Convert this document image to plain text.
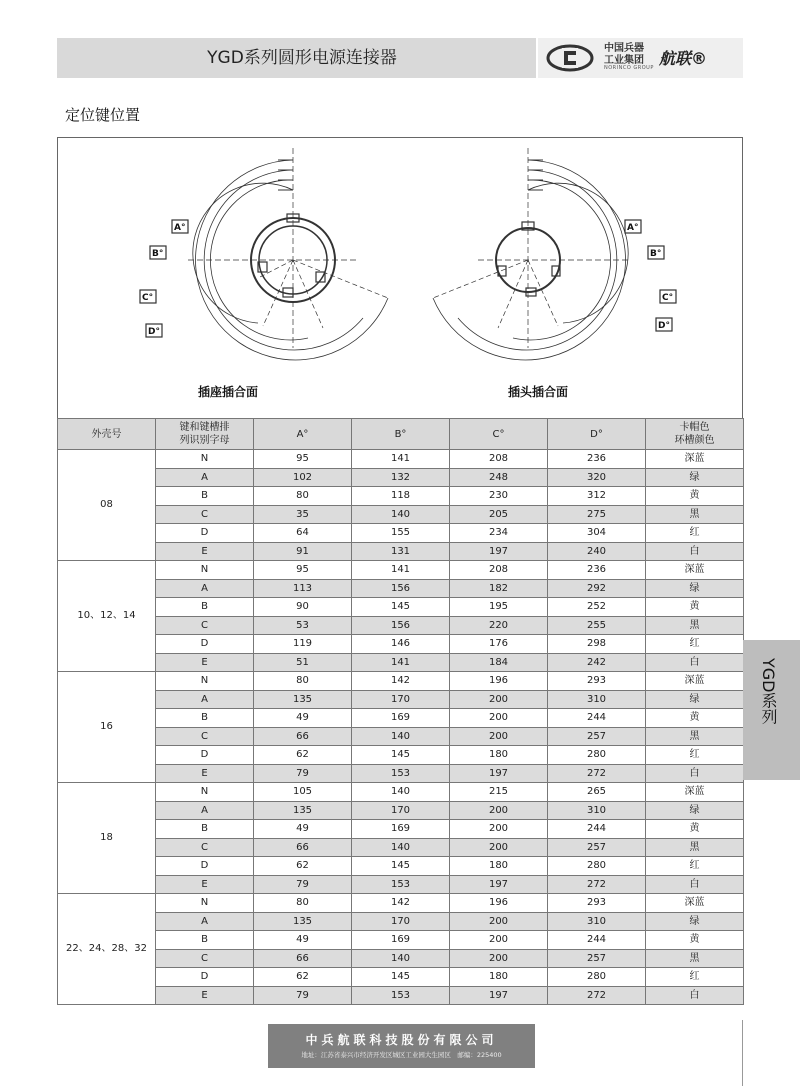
YGD系列圆形电源连接器	中国兵器
工业集团
NORINCO GROUP 航联®
定位键位置
A°
B°
C°
D°
插座插合面
A°
B°
C°
D°
插头插合面
外壳号	键和键槽排
列识别字母	A°	B°	C°	D°	卡帽色
环槽颜色
08	N	95	141	208	236	深蓝
	A	102	132	248	320	绿
	B	80	118	230	312	黄
	C	35	140	205	275	黑
	D	64	155	234	304	红
	E	91	131	197	240	白
10、12、14	N	95	141	208	236	深蓝
	A	113	156	182	292	绿
	B	90	145	195	252	黄
	C	53	156	220	255	黑
	D	119	146	176	298	红
	E	51	141	184	242	白
16	N	80	142	196	293	深蓝
	A	135	170	200	310	绿
	B	49	169	200	244	黄
	C	66	140	200	257	黑
	D	62	145	180	280	红
	E	79	153	197	272	白
18	N	105	140	215	265	深蓝
	A	135	170	200	310	绿
	B	49	169	200	244	黄
	C	66	140	200	257	黑
	D	62	145	180	280	红
	E	79	153	197	272	白
22、24、28、32	N	80	142	196	293	深蓝
	A	135	170	200	310	绿
	B	49	169	200	244	黄
	C	66	140	200	257	黑
	D	62	145	180	280	红
	E	79	153	197	272	白
YGD系列
中兵航联科技股份有限公司
地址：江苏省泰兴市经济开发区城区工业园大生园区　邮编：225400
